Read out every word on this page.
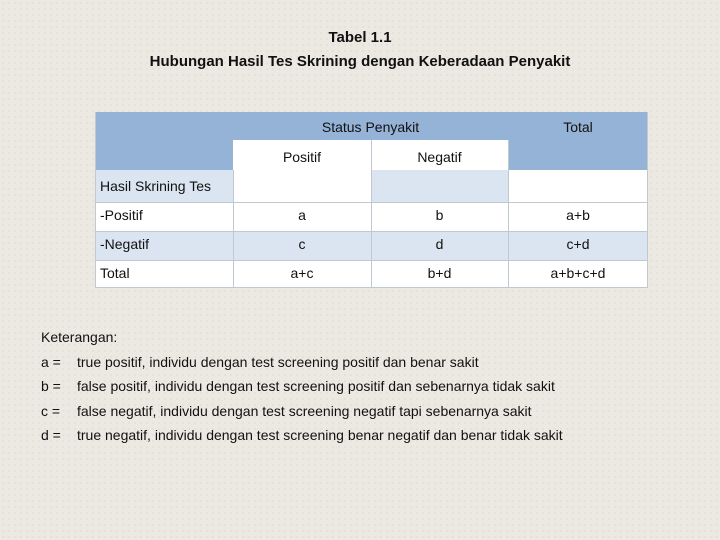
Tabel 1.1
Hubungan Hasil Tes Skrining dengan Keberadaan Penyakit
Status Penyakit	Total
Positif	Negatif
Hasil Skrining Tes
-Positif	a	b	a+b
-Negatif	c	d	c+d
Total	a+c	b+d	a+b+c+d
Keterangan:
a = true positif, individu dengan test screening positif dan benar sakit
b = false positif, individu dengan test screening positif dan sebenarnya tidak sakit
c = false negatif, individu dengan test screening negatif tapi sebenarnya sakit
d = true negatif, individu dengan test screening benar negatif dan benar tidak sakit
